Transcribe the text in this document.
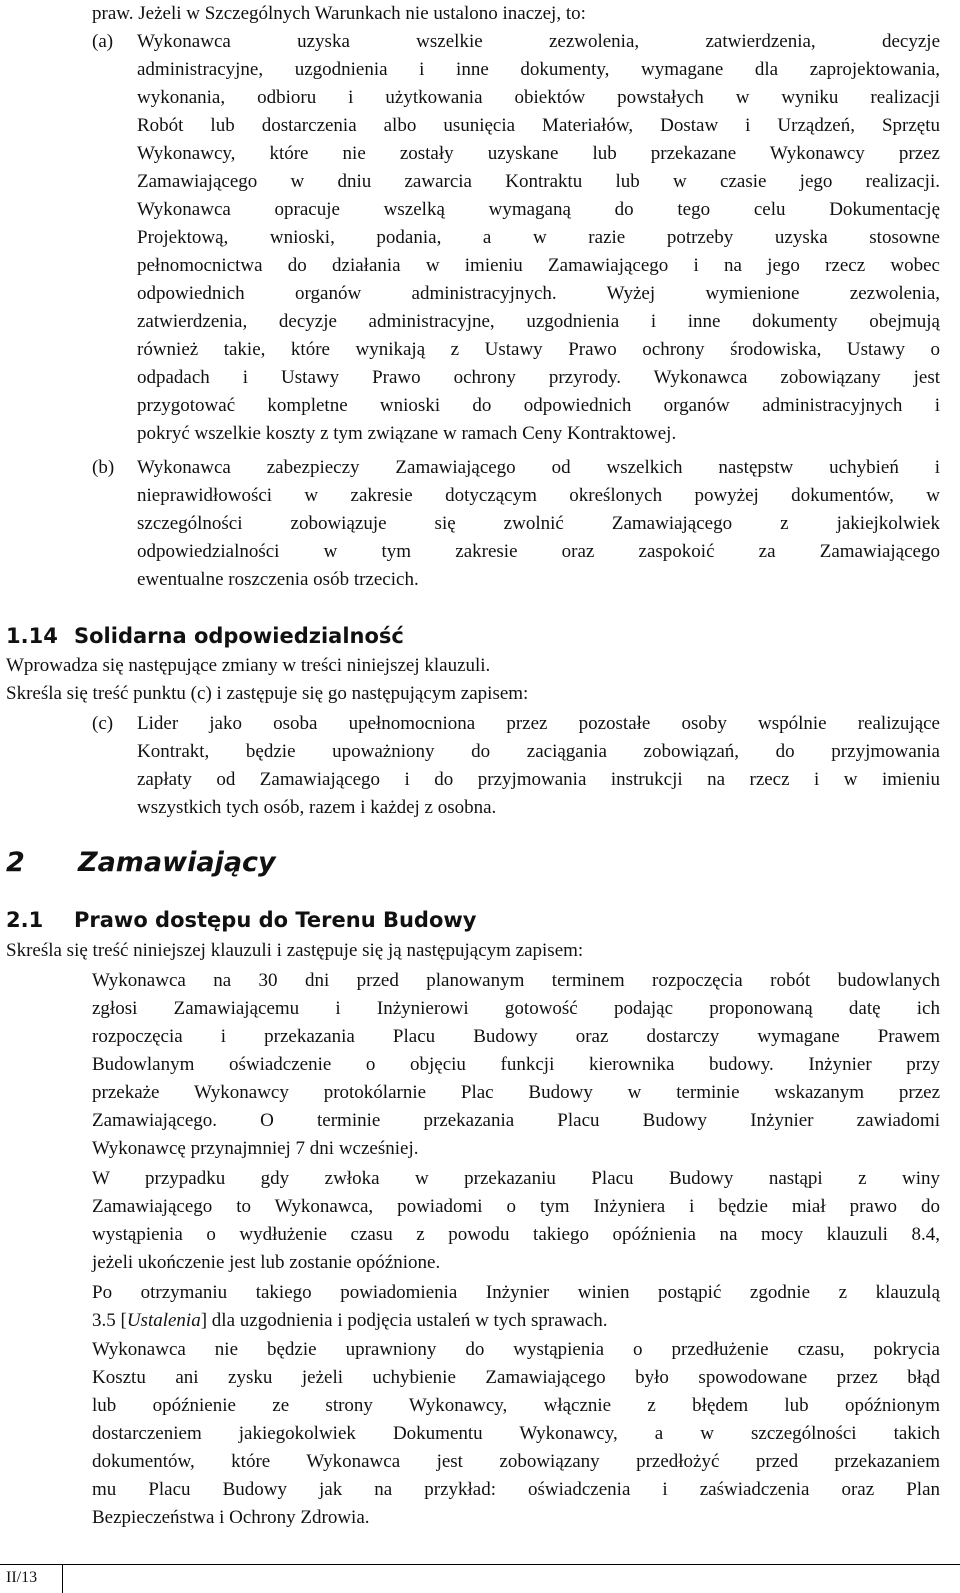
praw. Jeżeli w Szczególnych Warunkach nie ustalono inaczej, to:
(a) Wykonawca uzyska wszelkie zezwolenia, zatwierdzenia, decyzje
administracyjne, uzgodnienia i inne dokumenty, wymagane dla zaprojektowania,
wykonania, odbioru i użytkowania obiektów powstałych w wyniku realizacji
Robót lub dostarczenia albo usunięcia Materiałów, Dostaw i Urządzeń, Sprzętu
Wykonawcy, które nie zostały uzyskane lub przekazane Wykonawcy przez
Zamawiającego w dniu zawarcia Kontraktu lub w czasie jego realizacji.
Wykonawca opracuje wszelką wymaganą do tego celu Dokumentację
Projektową, wnioski, podania, a w razie potrzeby uzyska stosowne
pełnomocnictwa do działania w imieniu Zamawiającego i na jego rzecz wobec
odpowiednich organów administracyjnych. Wyżej wymienione zezwolenia,
zatwierdzenia, decyzje administracyjne, uzgodnienia i inne dokumenty obejmują
również takie, które wynikają z Ustawy Prawo ochrony środowiska, Ustawy o
odpadach i Ustawy Prawo ochrony przyrody. Wykonawca zobowiązany jest
przygotować kompletne wnioski do odpowiednich organów administracyjnych i
pokryć wszelkie koszty z tym związane w ramach Ceny Kontraktowej.
(b) Wykonawca zabezpieczy Zamawiającego od wszelkich następstw uchybień i
nieprawidłowości w zakresie dotyczącym określonych powyżej dokumentów, w
szczególności zobowiązuje się zwolnić Zamawiającego z jakiejkolwiek
odpowiedzialności w tym zakresie oraz zaspokoić za Zamawiającego
ewentualne roszczenia osób trzecich.
1.14 Solidarna odpowiedzialność
Wprowadza się następujące zmiany w treści niniejszej klauzuli.
Skreśla się treść punktu (c) i zastępuje się go następującym zapisem:
(c) Lider jako osoba upełnomocniona przez pozostałe osoby wspólnie realizujące
Kontrakt, będzie upoważniony do zaciągania zobowiązań, do przyjmowania
zapłaty od Zamawiającego i do przyjmowania instrukcji na rzecz i w imieniu
wszystkich tych osób, razem i każdej z osobna.
2 Zamawiający
2.1 Prawo dostępu do Terenu Budowy
Skreśla się treść niniejszej klauzuli i zastępuje się ją następującym zapisem:
Wykonawca na 30 dni przed planowanym terminem rozpoczęcia robót budowlanych
zgłosi Zamawiającemu i Inżynierowi gotowość podając proponowaną datę ich
rozpoczęcia i przekazania Placu Budowy oraz dostarczy wymagane Prawem
Budowlanym oświadczenie o objęciu funkcji kierownika budowy. Inżynier przy
przekaże Wykonawcy protokólarnie Plac Budowy w terminie wskazanym przez
Zamawiającego. O terminie przekazania Placu Budowy Inżynier zawiadomi
Wykonawcę przynajmniej 7 dni wcześniej.
W przypadku gdy zwłoka w przekazaniu Placu Budowy nastąpi z winy
Zamawiającego to Wykonawca, powiadomi o tym Inżyniera i będzie miał prawo do
wystąpienia o wydłużenie czasu z powodu takiego opóźnienia na mocy klauzuli 8.4,
jeżeli ukończenie jest lub zostanie opóźnione.
Po otrzymaniu takiego powiadomienia Inżynier winien postąpić zgodnie z klauzulą
3.5 [Ustalenia] dla uzgodnienia i podjęcia ustaleń w tych sprawach.
Wykonawca nie będzie uprawniony do wystąpienia o przedłużenie czasu, pokrycia
Kosztu ani zysku jeżeli uchybienie Zamawiającego było spowodowane przez błąd
lub opóźnienie ze strony Wykonawcy, włącznie z błędem lub opóźnionym
dostarczeniem jakiegokolwiek Dokumentu Wykonawcy, a w szczególności takich
dokumentów, które Wykonawca jest zobowiązany przedłożyć przed przekazaniem
mu Placu Budowy jak na przykład: oświadczenia i zaświadczenia oraz Plan
Bezpieczeństwa i Ochrony Zdrowia.
II/13
